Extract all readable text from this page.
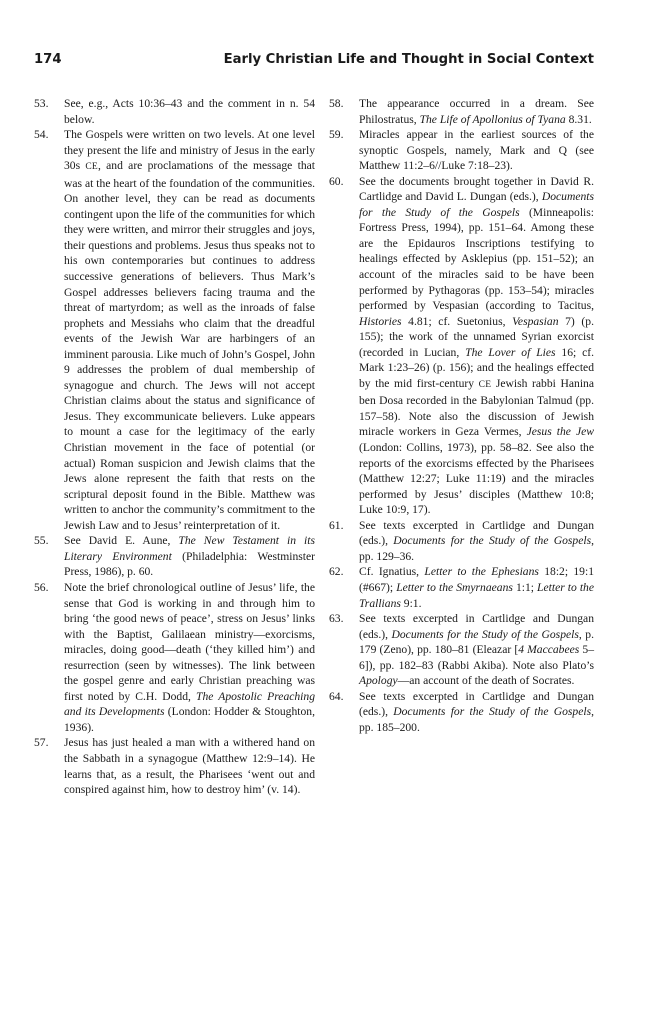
174	Early Christian Life and Thought in Social Context
53. See, e.g., Acts 10:36–43 and the comment in n. 54 below.
54. The Gospels were written on two levels. At one level they present the life and ministry of Jesus in the early 30s CE, and are proclamations of the message that was at the heart of the foundation of the communities. On another level, they can be read as documents contingent upon the life of the communities for which they were written, and mirror their struggles and joys, their questions and problems. Jesus thus speaks not to his own contemporaries but continues to address successive generations of believers. Thus Mark’s Gospel addresses believers facing trauma and the threat of martyrdom; as well as the inroads of false prophets and Messiahs who claim that the dreadful events of the Jewish War are harbingers of an imminent parousia. Like much of John’s Gospel, John 9 addresses the problem of dual membership of synagogue and church. The Jews will not accept Christian claims about the status and significance of Jesus. They excommunicate believers. Luke appears to mount a case for the legitimacy of the early Christian movement in the face of potential (or actual) Roman suspicion and Jewish claims that the Jews alone represent the faith that rests on the scriptural deposit found in the Bible. Matthew was written to anchor the community’s commitment to the Jewish Law and to Jesus’ reinterpretation of it.
55. See David E. Aune, The New Testament in its Literary Environment (Philadelphia: Westminster Press, 1986), p. 60.
56. Note the brief chronological outline of Jesus’ life, the sense that God is working in and through him to bring ‘the good news of peace’, stress on Jesus’ links with the Baptist, Galilaean ministry—exorcisms, miracles, doing good—death (‘they killed him’) and resurrection (seen by witnesses). The link between the gospel genre and early Christian preaching was first noted by C.H. Dodd, The Apostolic Preaching and its Developments (London: Hodder & Stoughton, 1936).
57. Jesus has just healed a man with a withered hand on the Sabbath in a synagogue (Matthew 12:9–14). He learns that, as a result, the Pharisees ‘went out and conspired against him, how to destroy him’ (v. 14).
58. The appearance occurred in a dream. See Philostratus, The Life of Apollonius of Tyana 8.31.
59. Miracles appear in the earliest sources of the synoptic Gospels, namely, Mark and Q (see Matthew 11:2–6//Luke 7:18–23).
60. See the documents brought together in David R. Cartlidge and David L. Dungan (eds.), Documents for the Study of the Gospels (Minneapolis: Fortress Press, 1994), pp. 151–64. Among these are the Epidauros Inscriptions testifying to healings effected by Asklepius (pp. 151–52); an account of the miracles said to be have been performed by Pythagoras (pp. 153–54); miracles performed by Vespasian (according to Tacitus, Histories 4.81; cf. Suetonius, Vespasian 7) (p. 155); the work of the unnamed Syrian exorcist (recorded in Lucian, The Lover of Lies 16; cf. Mark 1:23–26) (p. 156); and the healings effected by the mid first-century CE Jewish rabbi Hanina ben Dosa recorded in the Babylonian Talmud (pp. 157–58). Note also the discussion of Jewish miracle workers in Geza Vermes, Jesus the Jew (London: Collins, 1973), pp. 58–82. See also the reports of the exorcisms effected by the Pharisees (Matthew 12:27; Luke 11:19) and the miracles performed by Jesus’ disciples (Matthew 10:8; Luke 10:9, 17).
61. See texts excerpted in Cartlidge and Dungan (eds.), Documents for the Study of the Gospels, pp. 129–36.
62. Cf. Ignatius, Letter to the Ephesians 18:2; 19:1 (#667); Letter to the Smyrnaeans 1:1; Letter to the Trallians 9:1.
63. See texts excerpted in Cartlidge and Dungan (eds.), Documents for the Study of the Gospels, p. 179 (Zeno), pp. 180–81 (Eleazar [4 Maccabees 5–6]), pp. 182–83 (Rabbi Akiba). Note also Plato’s Apology—an account of the death of Socrates.
64. See texts excerpted in Cartlidge and Dungan (eds.), Documents for the Study of the Gospels, pp. 185–200.
